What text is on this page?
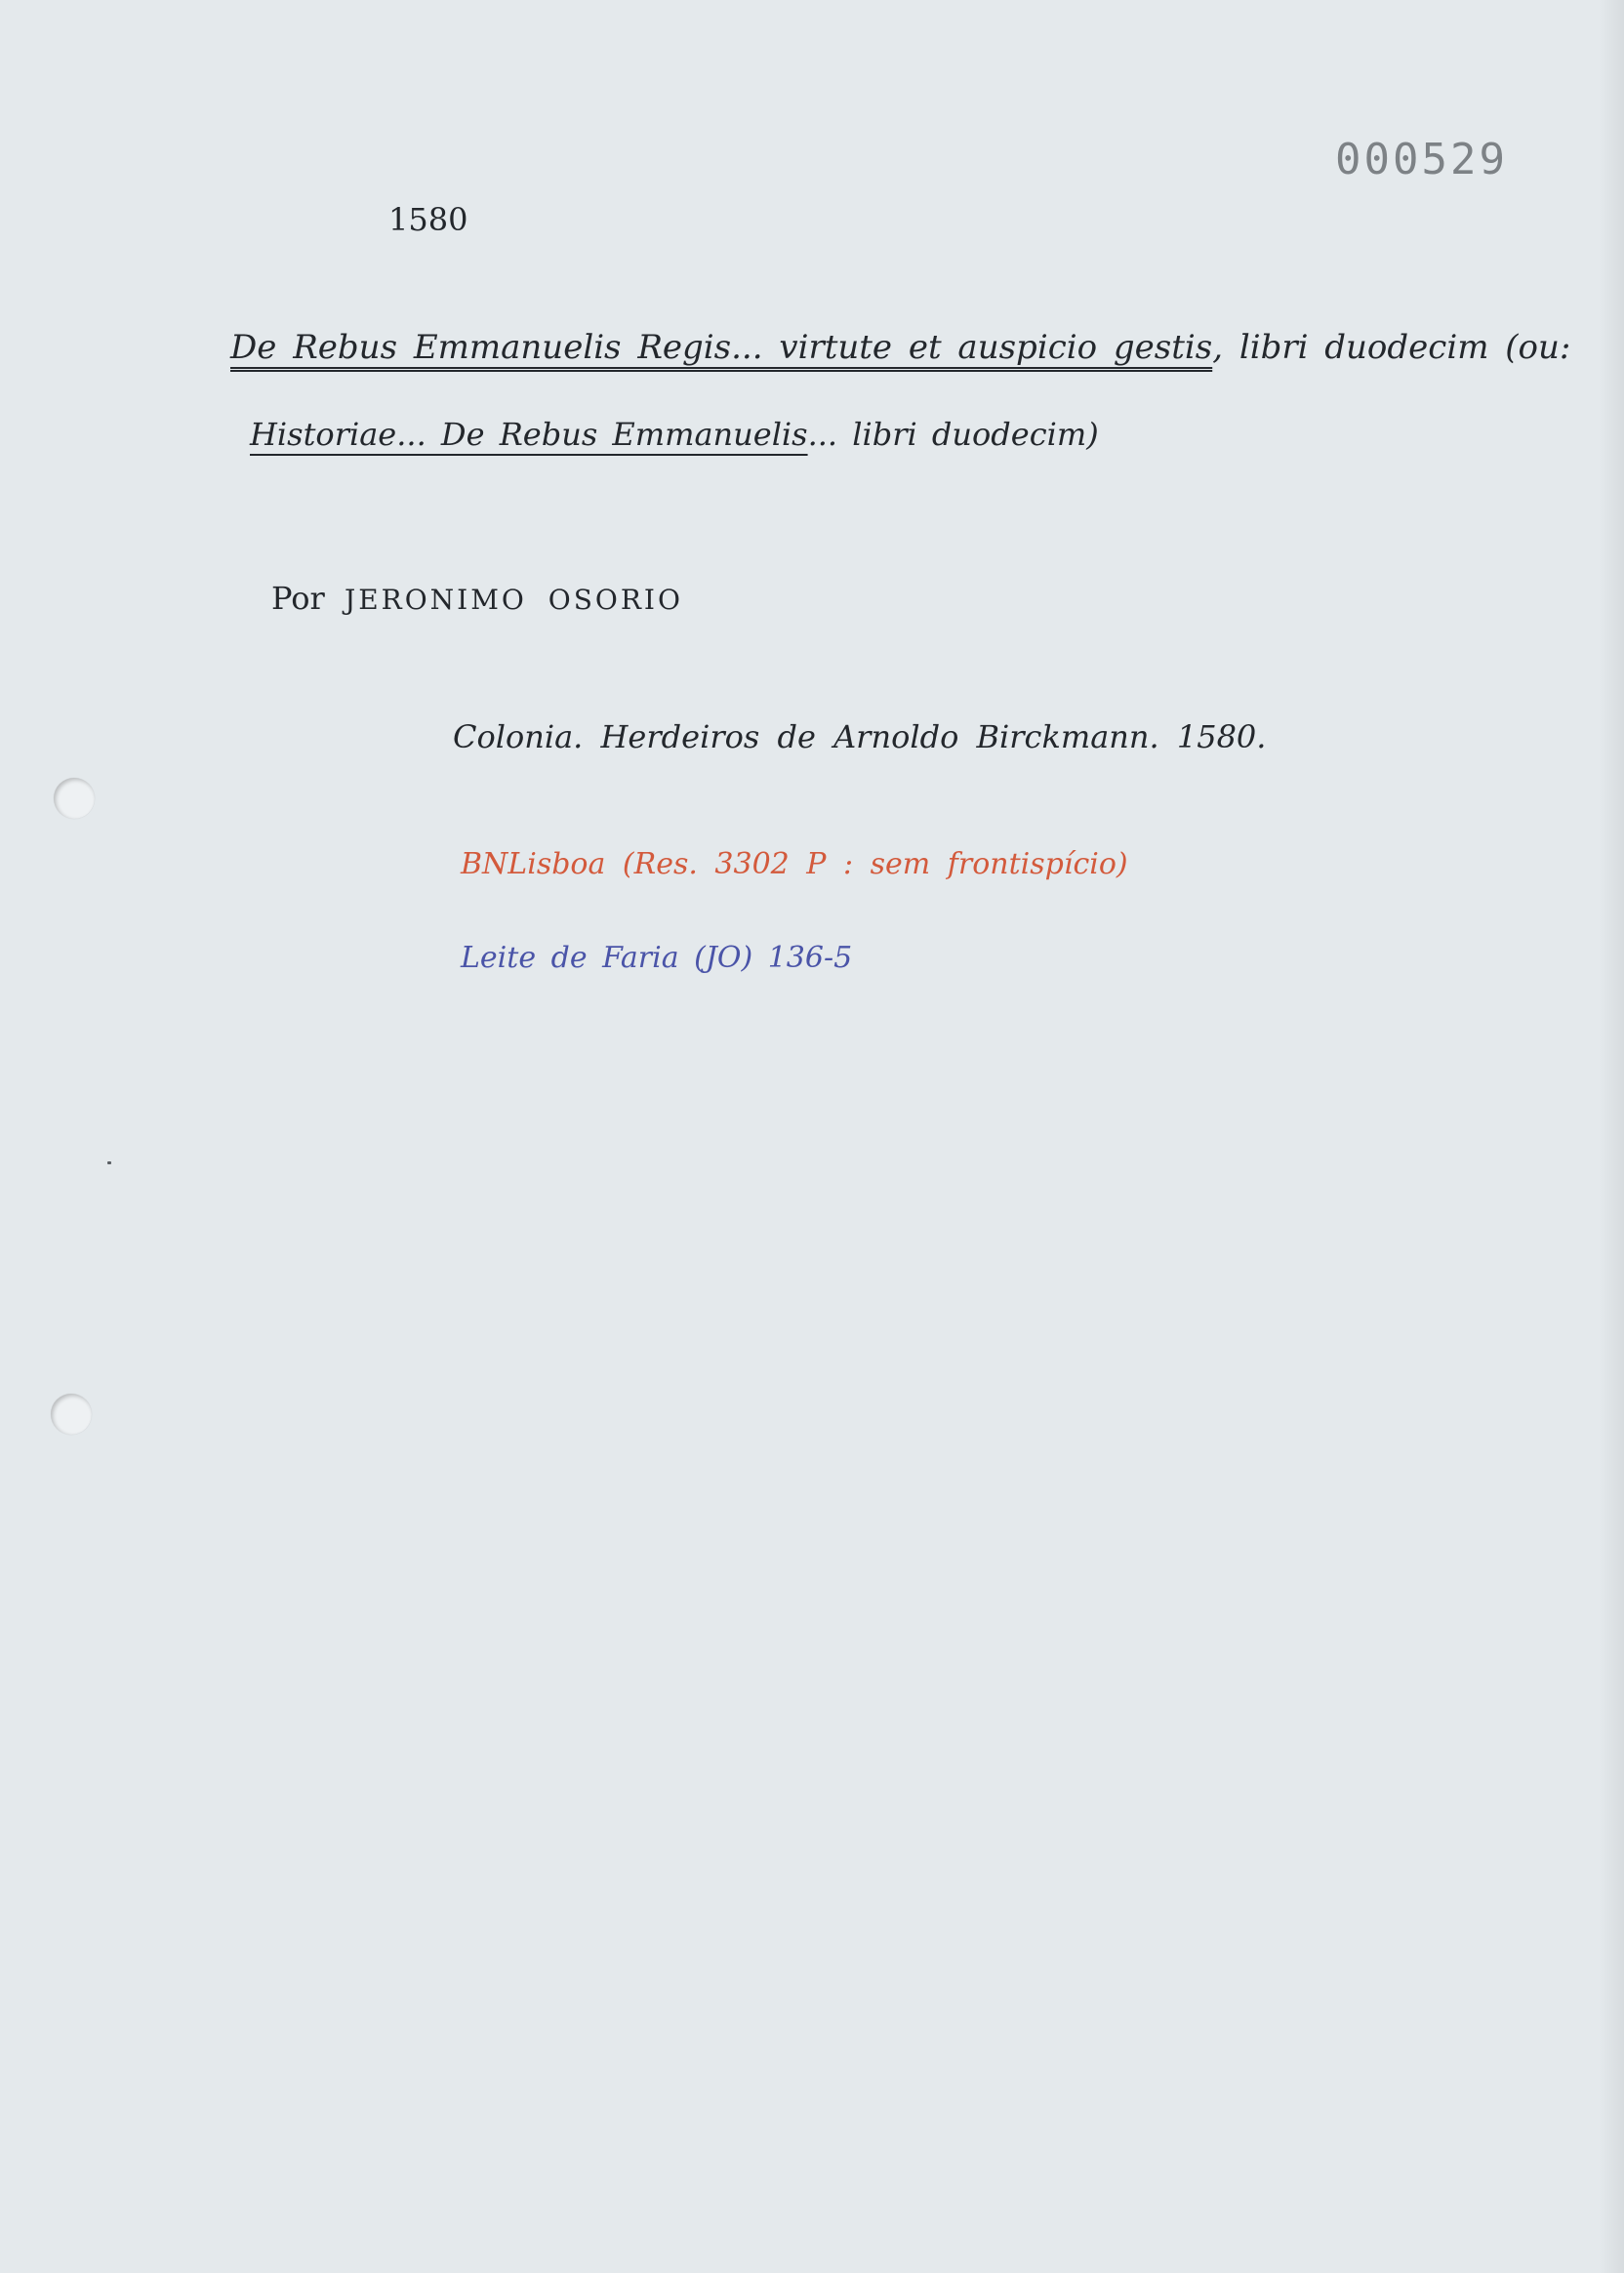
000529
1580
De Rebus Emmanuelis Regis... virtute et auspicio gestis, libri duodecim (ou:
Historiae... De Rebus Emmanuelis... libri duodecim)
Por JERONIMO OSORIO
Colonia. Herdeiros de Arnoldo Birckmann. 1580.
BNLisboa (Res. 3302 P : sem frontispício)
Leite de Faria (JO) 136-5
